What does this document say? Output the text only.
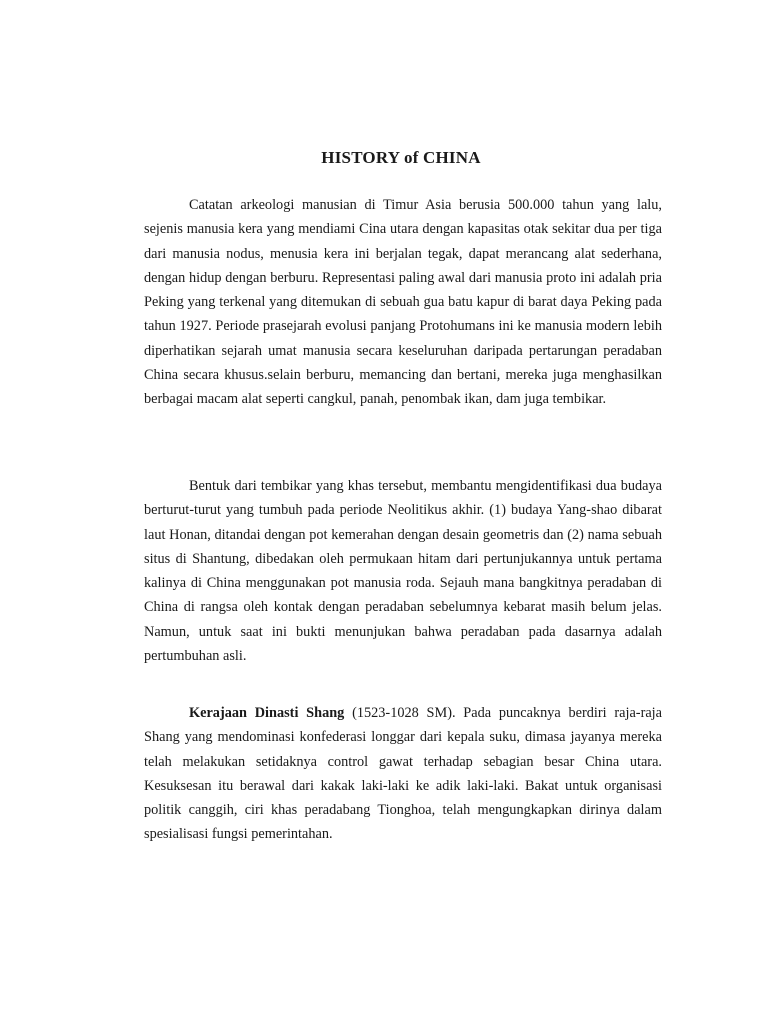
HISTORY of CHINA

Catatan arkeologi manusian di Timur Asia berusia 500.000 tahun yang lalu, sejenis manusia kera yang mendiami Cina utara dengan kapasitas otak sekitar dua per tiga dari manusia nodus, menusia kera ini berjalan tegak, dapat merancang alat sederhana, dengan hidup dengan berburu. Representasi paling awal dari manusia proto ini adalah pria Peking yang terkenal yang ditemukan di sebuah gua batu kapur di barat daya Peking pada tahun 1927. Periode prasejarah evolusi panjang Protohumans ini ke manusia modern lebih diperhatikan sejarah umat manusia secara keseluruhan daripada pertarungan peradaban China secara khusus.selain berburu, memancing dan bertani, mereka juga menghasilkan berbagai macam alat seperti cangkul, panah, penombak ikan, dam juga tembikar.

Bentuk dari tembikar yang khas tersebut, membantu mengidentifikasi dua budaya berturut-turut yang tumbuh pada periode Neolitikus akhir. (1) budaya Yang-shao dibarat laut Honan, ditandai dengan pot kemerahan dengan desain geometris dan (2) nama sebuah situs di Shantung, dibedakan oleh permukaan hitam dari pertunjukannya untuk pertama kalinya di China menggunakan pot manusia roda. Sejauh mana bangkitnya peradaban di China di rangsa oleh kontak dengan peradaban sebelumnya kebarat masih belum jelas. Namun, untuk saat ini bukti menunjukan bahwa peradaban pada dasarnya adalah pertumbuhan asli.

Kerajaan Dinasti Shang (1523-1028 SM). Pada puncaknya berdiri raja-raja Shang yang mendominasi konfederasi longgar dari kepala suku, dimasa jayanya mereka telah melakukan setidaknya control gawat terhadap sebagian besar China utara. Kesuksesan itu berawal dari kakak laki-laki ke adik laki-laki. Bakat untuk organisasi politik canggih, ciri khas peradabang Tionghoa, telah mengungkapkan dirinya dalam spesialisasi fungsi pemerintahan.
